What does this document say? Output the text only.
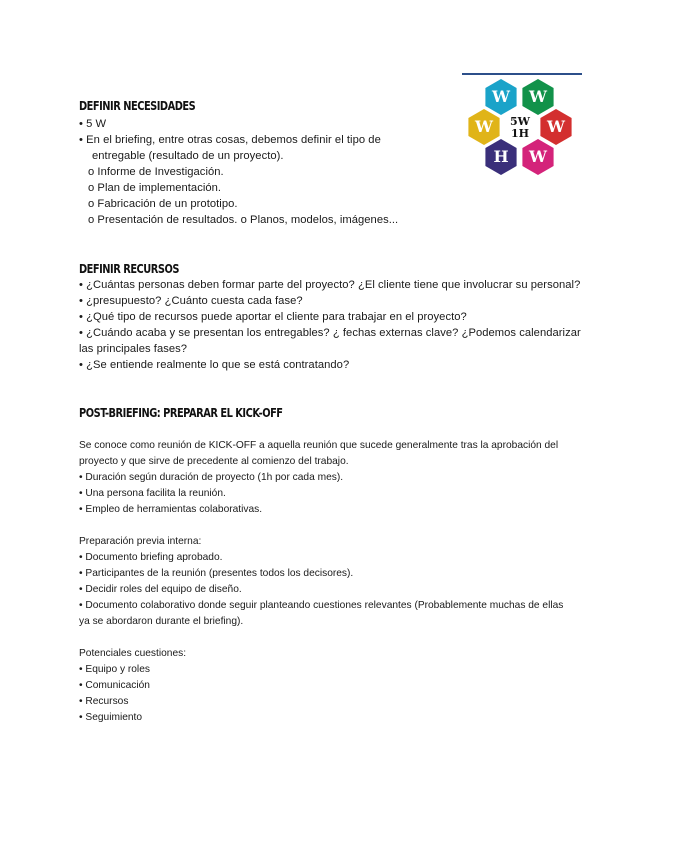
DEFINIR NECESIDADES
• 5 W
• En el briefing, entre otras cosas, debemos definir el tipo de
entregable (resultado de un proyecto).
o Informe de Investigación.
o Plan de implementación.
o Fabricación de un prototipo.
o Presentación de resultados. o Planos, modelos, imágenes...
W W
W	W
H W
5W
1H
DEFINIR RECURSOS
• ¿Cuántas personas deben formar parte del proyecto? ¿El cliente tiene que involucrar su personal?
• ¿presupuesto? ¿Cuánto cuesta cada fase?
• ¿Qué tipo de recursos puede aportar el cliente para trabajar en el proyecto?
• ¿Cuándo acaba y se presentan los entregables? ¿ fechas externas clave? ¿Podemos calendarizar
las principales fases?
• ¿Se entiende realmente lo que se está contratando?
POST-BRIEFING: PREPARAR EL KICK-OFF
Se conoce como reunión de KICK-OFF a aquella reunión que sucede generalmente tras la aprobación del
proyecto y que sirve de precedente al comienzo del trabajo.
• Duración según duración de proyecto (1h por cada mes).
• Una persona facilita la reunión.
• Empleo de herramientas colaborativas.
Preparación previa interna:
• Documento briefing aprobado.
• Participantes de la reunión (presentes todos los decisores).
• Decidir roles del equipo de diseño.
• Documento colaborativo donde seguir planteando cuestiones relevantes (Probablemente muchas de ellas
ya se abordaron durante el briefing).
Potenciales cuestiones:
• Equipo y roles
• Comunicación
• Recursos
• Seguimiento
